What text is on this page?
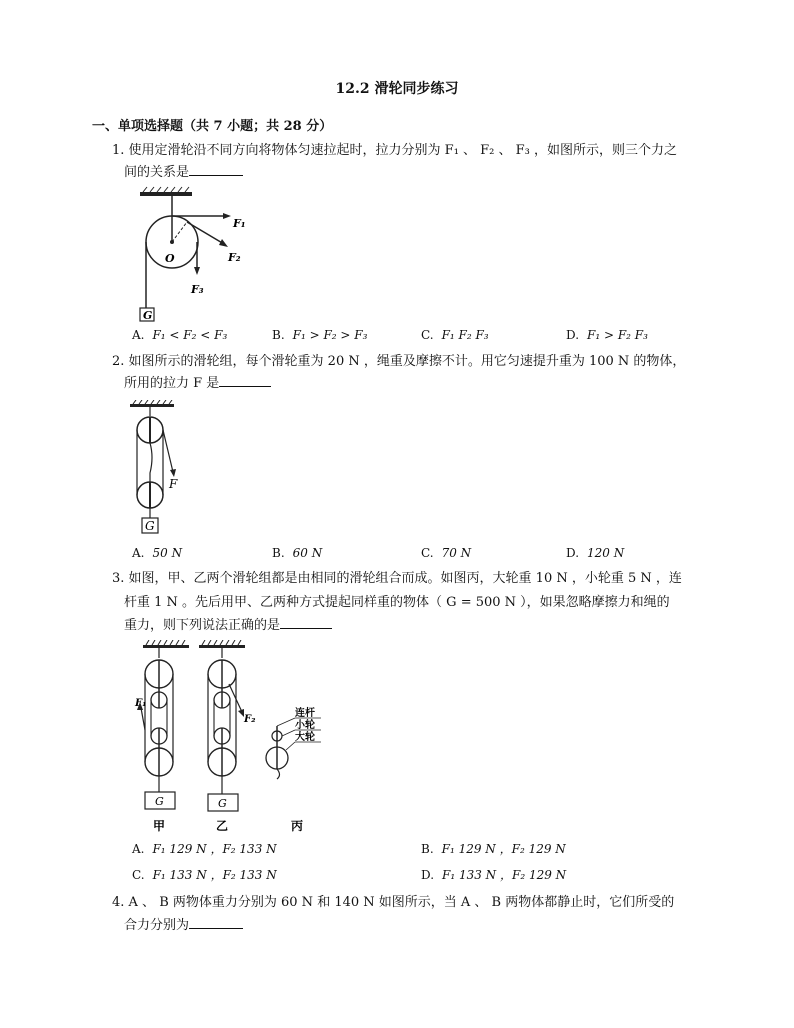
12.2 滑轮同步练习
一、单项选择题（共 7 小题；共 28 分）
1. 使用定滑轮沿不同方向将物体匀速拉起时，拉力分别为 F₁ 、 F₂ 、 F₃ ，如图所示，则三个力之
间的关系是
G
F₁
F₂
F₃
O
A. F₁ < F₂ < F₃	B. F₁ > F₂ > F₃	C. F₁ F₂ F₃	D. F₁ > F₂ F₃
2. 如图所示的滑轮组，每个滑轮重为 20 N ，绳重及摩擦不计。用它匀速提升重为 100 N 的物体，
所用的拉力 F 是
F
G
A. 50 N	B. 60 N	C. 70 N	D. 120 N
3. 如图，甲、乙两个滑轮组都是由相同的滑轮组合而成。如图丙，大轮重 10 N ，小轮重 5 N ，连
杆重 1 N 。先后用甲、乙两种方式提起同样重的物体（ G = 500 N ），如果忽略摩擦力和绳的
重力，则下列说法正确的是
F₁
G
甲
F₂
G
乙
连杆
小轮
大轮
丙
A. F₁ 129 N ，F₂ 133 N	B. F₁ 129 N ，F₂ 129 N
C. F₁ 133 N ，F₂ 133 N	D. F₁ 133 N ，F₂ 129 N
4. A 、 B 两物体重力分别为 60 N 和 140 N 如图所示，当 A 、 B 两物体都静止时，它们所受的
合力分别为
